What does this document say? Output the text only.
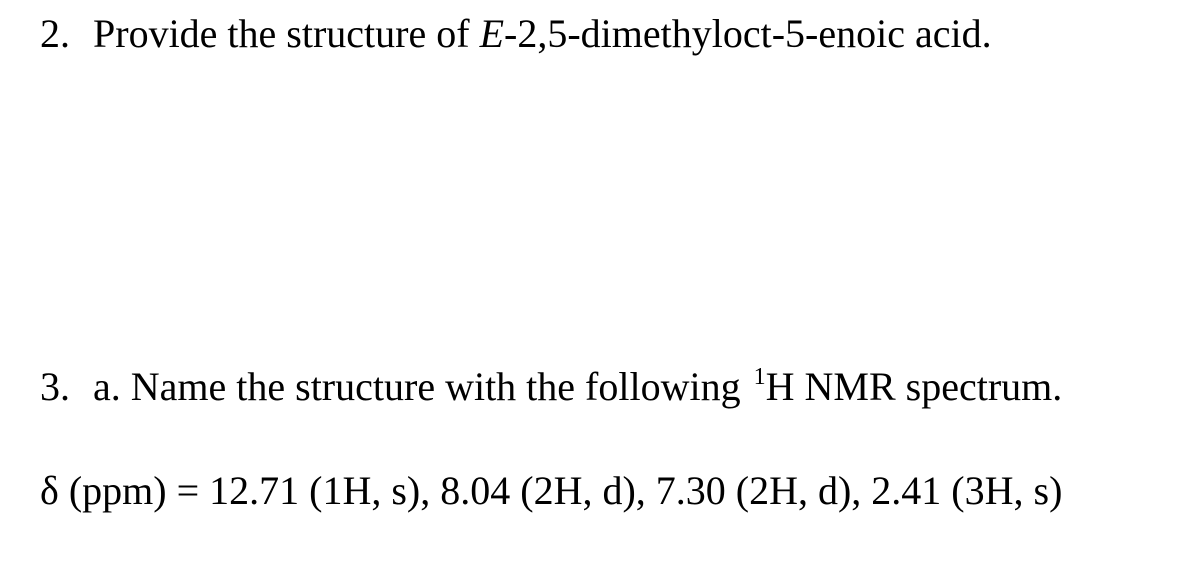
2. Provide the structure of E-2,5-dimethyloct-5-enoic acid.
3. a. Name the structure with the following $^1$H NMR spectrum.
δ (ppm) = 12.71 (1H, s), 8.04 (2H, d), 7.30 (2H, d), 2.41 (3H, s)
